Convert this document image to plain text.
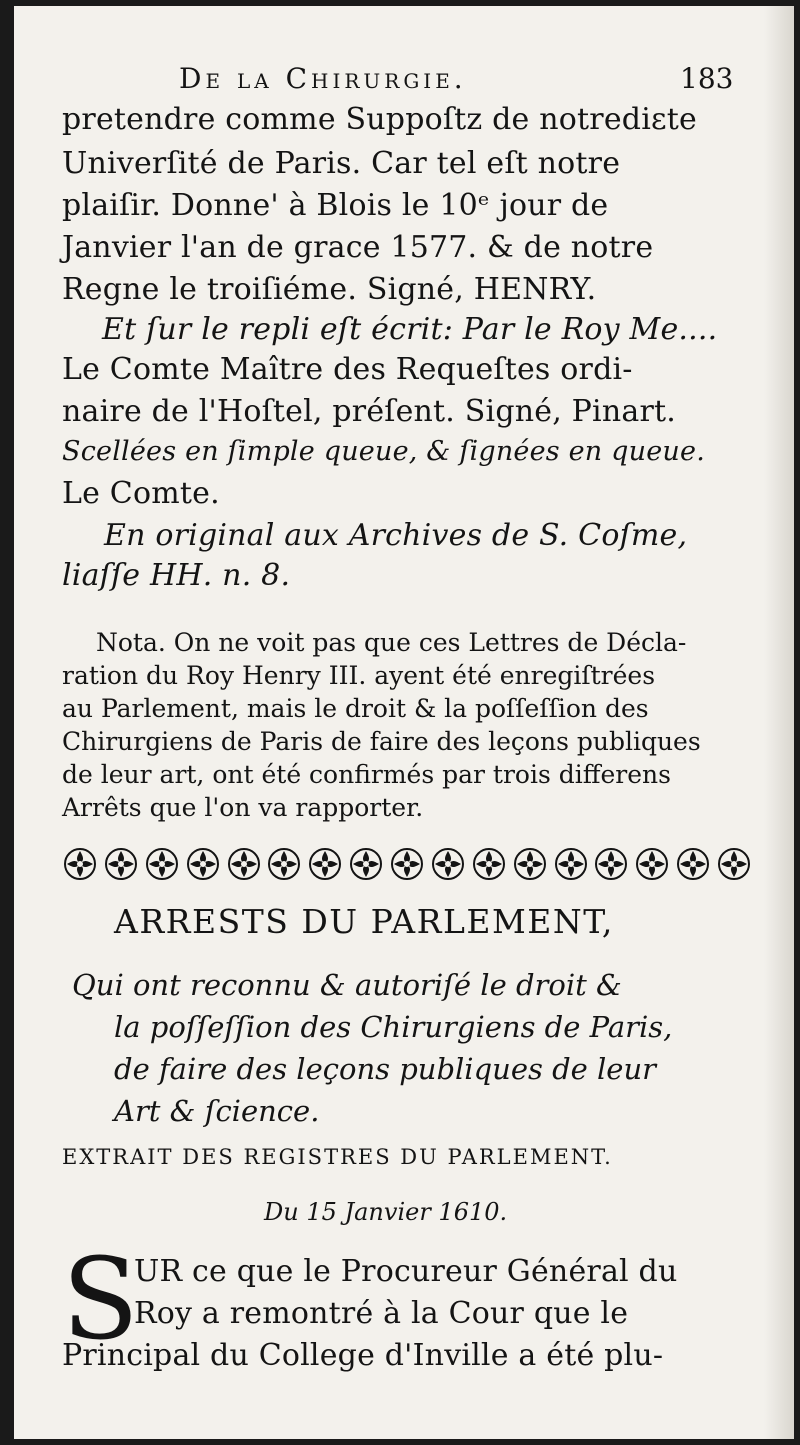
De la Chirurgie.	183
pretendre comme Suppoſtz de notrediɛte
Univerſité de Paris. Car tel eſt notre
plaiſir. Donne' à Blois le 10ᵉ jour de
Janvier l'an de grace 1577. & de notre
Regne le troiſiéme. Signé, HENRY.
Et ſur le repli eſt écrit: Par le Roy Me....
Le Comte Maître des Requeſtes ordi-
naire de l'Hoſtel, préſent. Signé, Pinart.
Scellées en ſimple queue, & ſignées en queue.
Le Comte.
En original aux Archives de S. Coſme,
liaſſe HH. n. 8.
Nota. On ne voit pas que ces Lettres de Décla-
ration du Roy Henry III. ayent été enregiſtrées
au Parlement, mais le droit & la poſſeſſion des
Chirurgiens de Paris de faire des leçons publiques
de leur art, ont été confirmés par trois differens
Arrêts que l'on va rapporter.
ARRESTS DU PARLEMENT,
Qui ont reconnu & autoriſé le droit &
la poſſeſſion des Chirurgiens de Paris,
de faire des leçons publiques de leur
Art & ſcience.
EXTRAIT DES REGISTRES DU PARLEMENT.
Du 15 Janvier 1610.
S
UR ce que le Procureur Général du
Roy a remontré à la Cour que le
Principal du College d'Inville a été plu-
